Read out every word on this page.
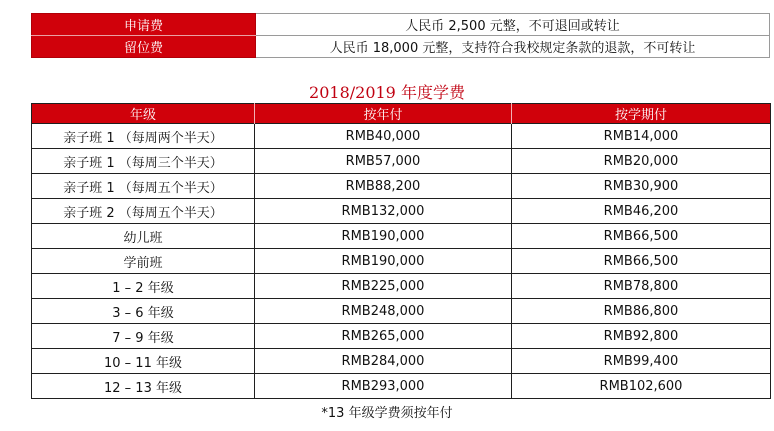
申请费	人民币 2,500 元整，不可退回或转让
留位费	人民币 18,000 元整，支持符合我校规定条款的退款，不可转让
2018/2019 年度学费
年级	按年付	按学期付
亲子班 1 （每周两个半天）	RMB40,000	RMB14,000
亲子班 1 （每周三个半天）	RMB57,000	RMB20,000
亲子班 1 （每周五个半天）	RMB88,200	RMB30,900
亲子班 2 （每周五个半天）	RMB132,000	RMB46,200
幼儿班	RMB190,000	RMB66,500
学前班	RMB190,000	RMB66,500
1 – 2 年级	RMB225,000	RMB78,800
3 – 6 年级	RMB248,000	RMB86,800
7 – 9 年级	RMB265,000	RMB92,800
10 – 11 年级	RMB284,000	RMB99,400
12 – 13 年级	RMB293,000	RMB102,600
*13 年级学费须按年付
